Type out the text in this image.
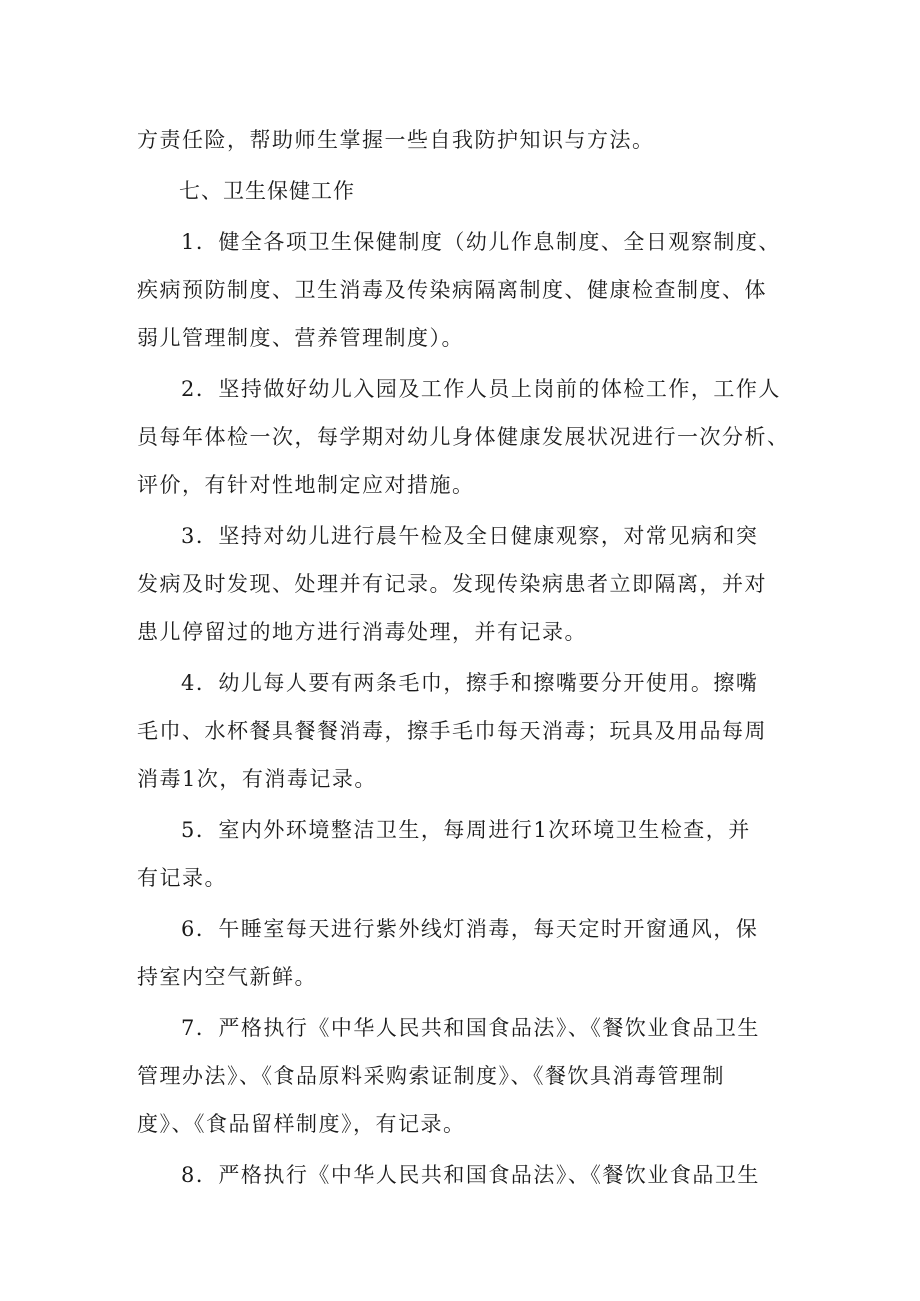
方责任险，帮助师生掌握一些自我防护知识与方法。
七、卫生保健工作
1．健全各项卫生保健制度（幼儿作息制度、全日观察制度、
疾病预防制度、卫生消毒及传染病隔离制度、健康检查制度、体
弱儿管理制度、营养管理制度）。
2．坚持做好幼儿入园及工作人员上岗前的体检工作，工作人
员每年体检一次，每学期对幼儿身体健康发展状况进行一次分析、
评价，有针对性地制定应对措施。
3．坚持对幼儿进行晨午检及全日健康观察，对常见病和突
发病及时发现、处理并有记录。发现传染病患者立即隔离，并对
患儿停留过的地方进行消毒处理，并有记录。
4．幼儿每人要有两条毛巾，擦手和擦嘴要分开使用。擦嘴
毛巾、水杯餐具餐餐消毒，擦手毛巾每天消毒；玩具及用品每周
消毒1次，有消毒记录。
5．室内外环境整洁卫生，每周进行1次环境卫生检查，并
有记录。
6．午睡室每天进行紫外线灯消毒，每天定时开窗通风，保
持室内空气新鲜。
7．严格执行《中华人民共和国食品法》、《餐饮业食品卫生
管理办法》、《食品原料采购索证制度》、《餐饮具消毒管理制
度》、《食品留样制度》，有记录。
8．严格执行《中华人民共和国食品法》、《餐饮业食品卫生
